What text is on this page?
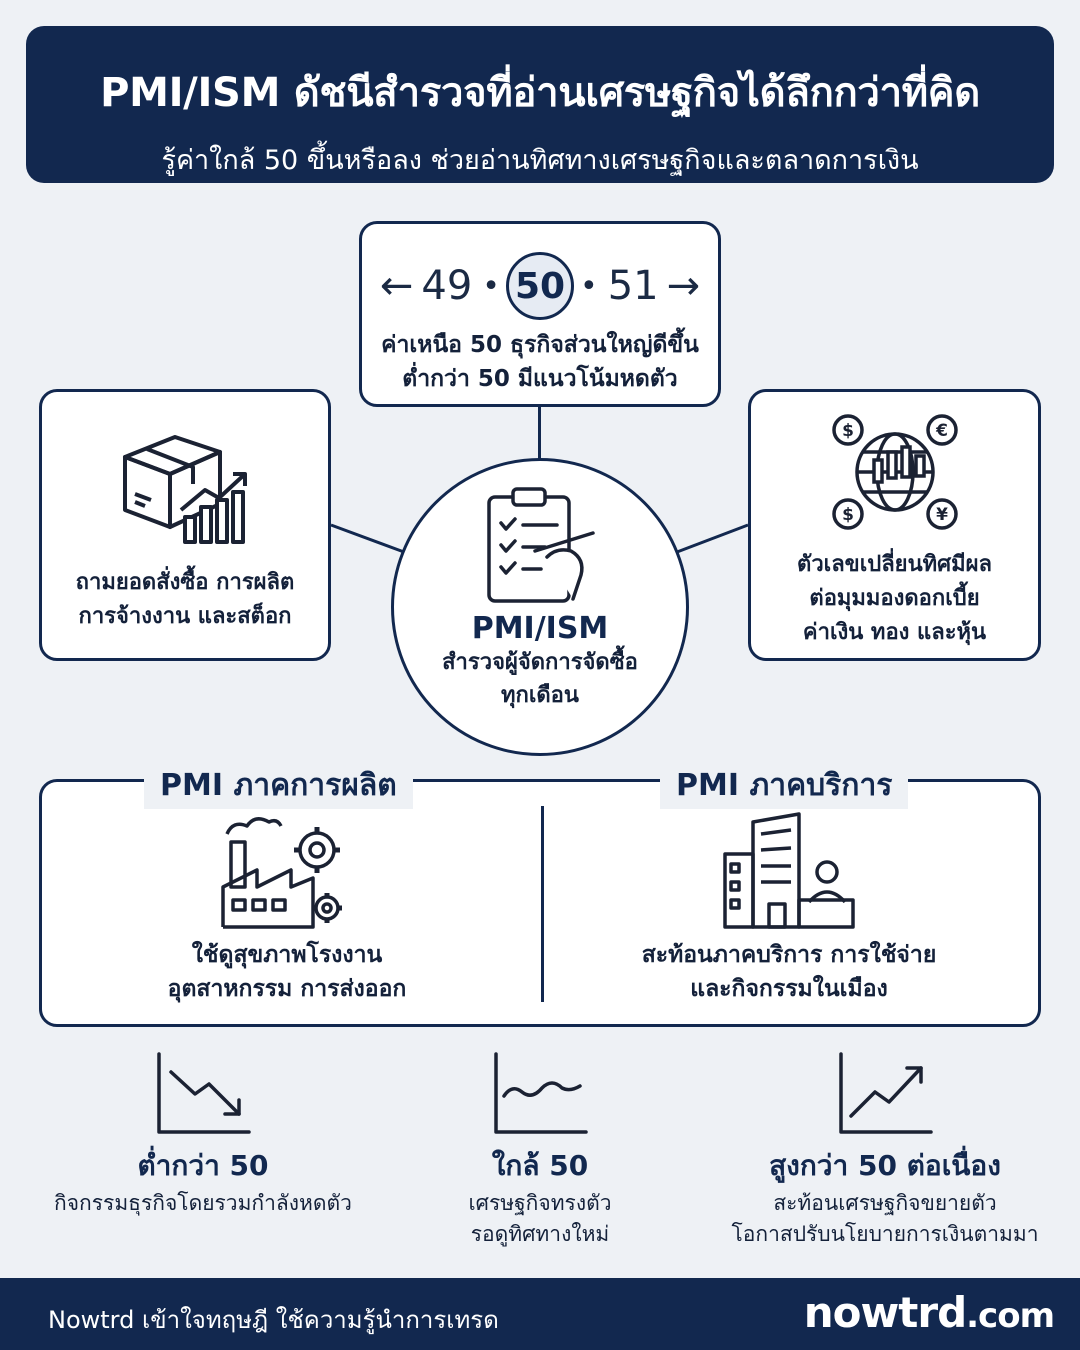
PMI/ISM ดัชนีสำรวจที่อ่านเศรษฐกิจได้ลึกกว่าที่คิด
รู้ค่าใกล้ 50 ขึ้นหรือลง ช่วยอ่านทิศทางเศรษฐกิจและตลาดการเงิน
← 49 • 50 • 51 →
ค่าเหนือ 50 ธุรกิจส่วนใหญ่ดีขึ้น
ต่ำกว่า 50 มีแนวโน้มหดตัว
ถามยอดสั่งซื้อ การผลิต
การจ้างงาน และสต็อก
$	€
$	¥
ตัวเลขเปลี่ยนทิศมีผล
ต่อมุมมองดอกเบี้ย
ค่าเงิน ทอง และหุ้น
PMI/ISM
สำรวจผู้จัดการจัดซื้อ
ทุกเดือน
PMI ภาคการผลิต	PMI ภาคบริการ
ใช้ดูสุขภาพโรงงาน
อุตสาหกรรม การส่งออก
สะท้อนภาคบริการ การใช้จ่าย
และกิจกรรมในเมือง
ต่ำกว่า 50
กิจกรรมธุรกิจโดยรวมกำลังหดตัว
ใกล้ 50
เศรษฐกิจทรงตัว
รอดูทิศทางใหม่
สูงกว่า 50 ต่อเนื่อง
สะท้อนเศรษฐกิจขยายตัว
โอกาสปรับนโยบายการเงินตามมา
Nowtrd เข้าใจทฤษฎี ใช้ความรู้นำการเทรด	nowtrd.com
